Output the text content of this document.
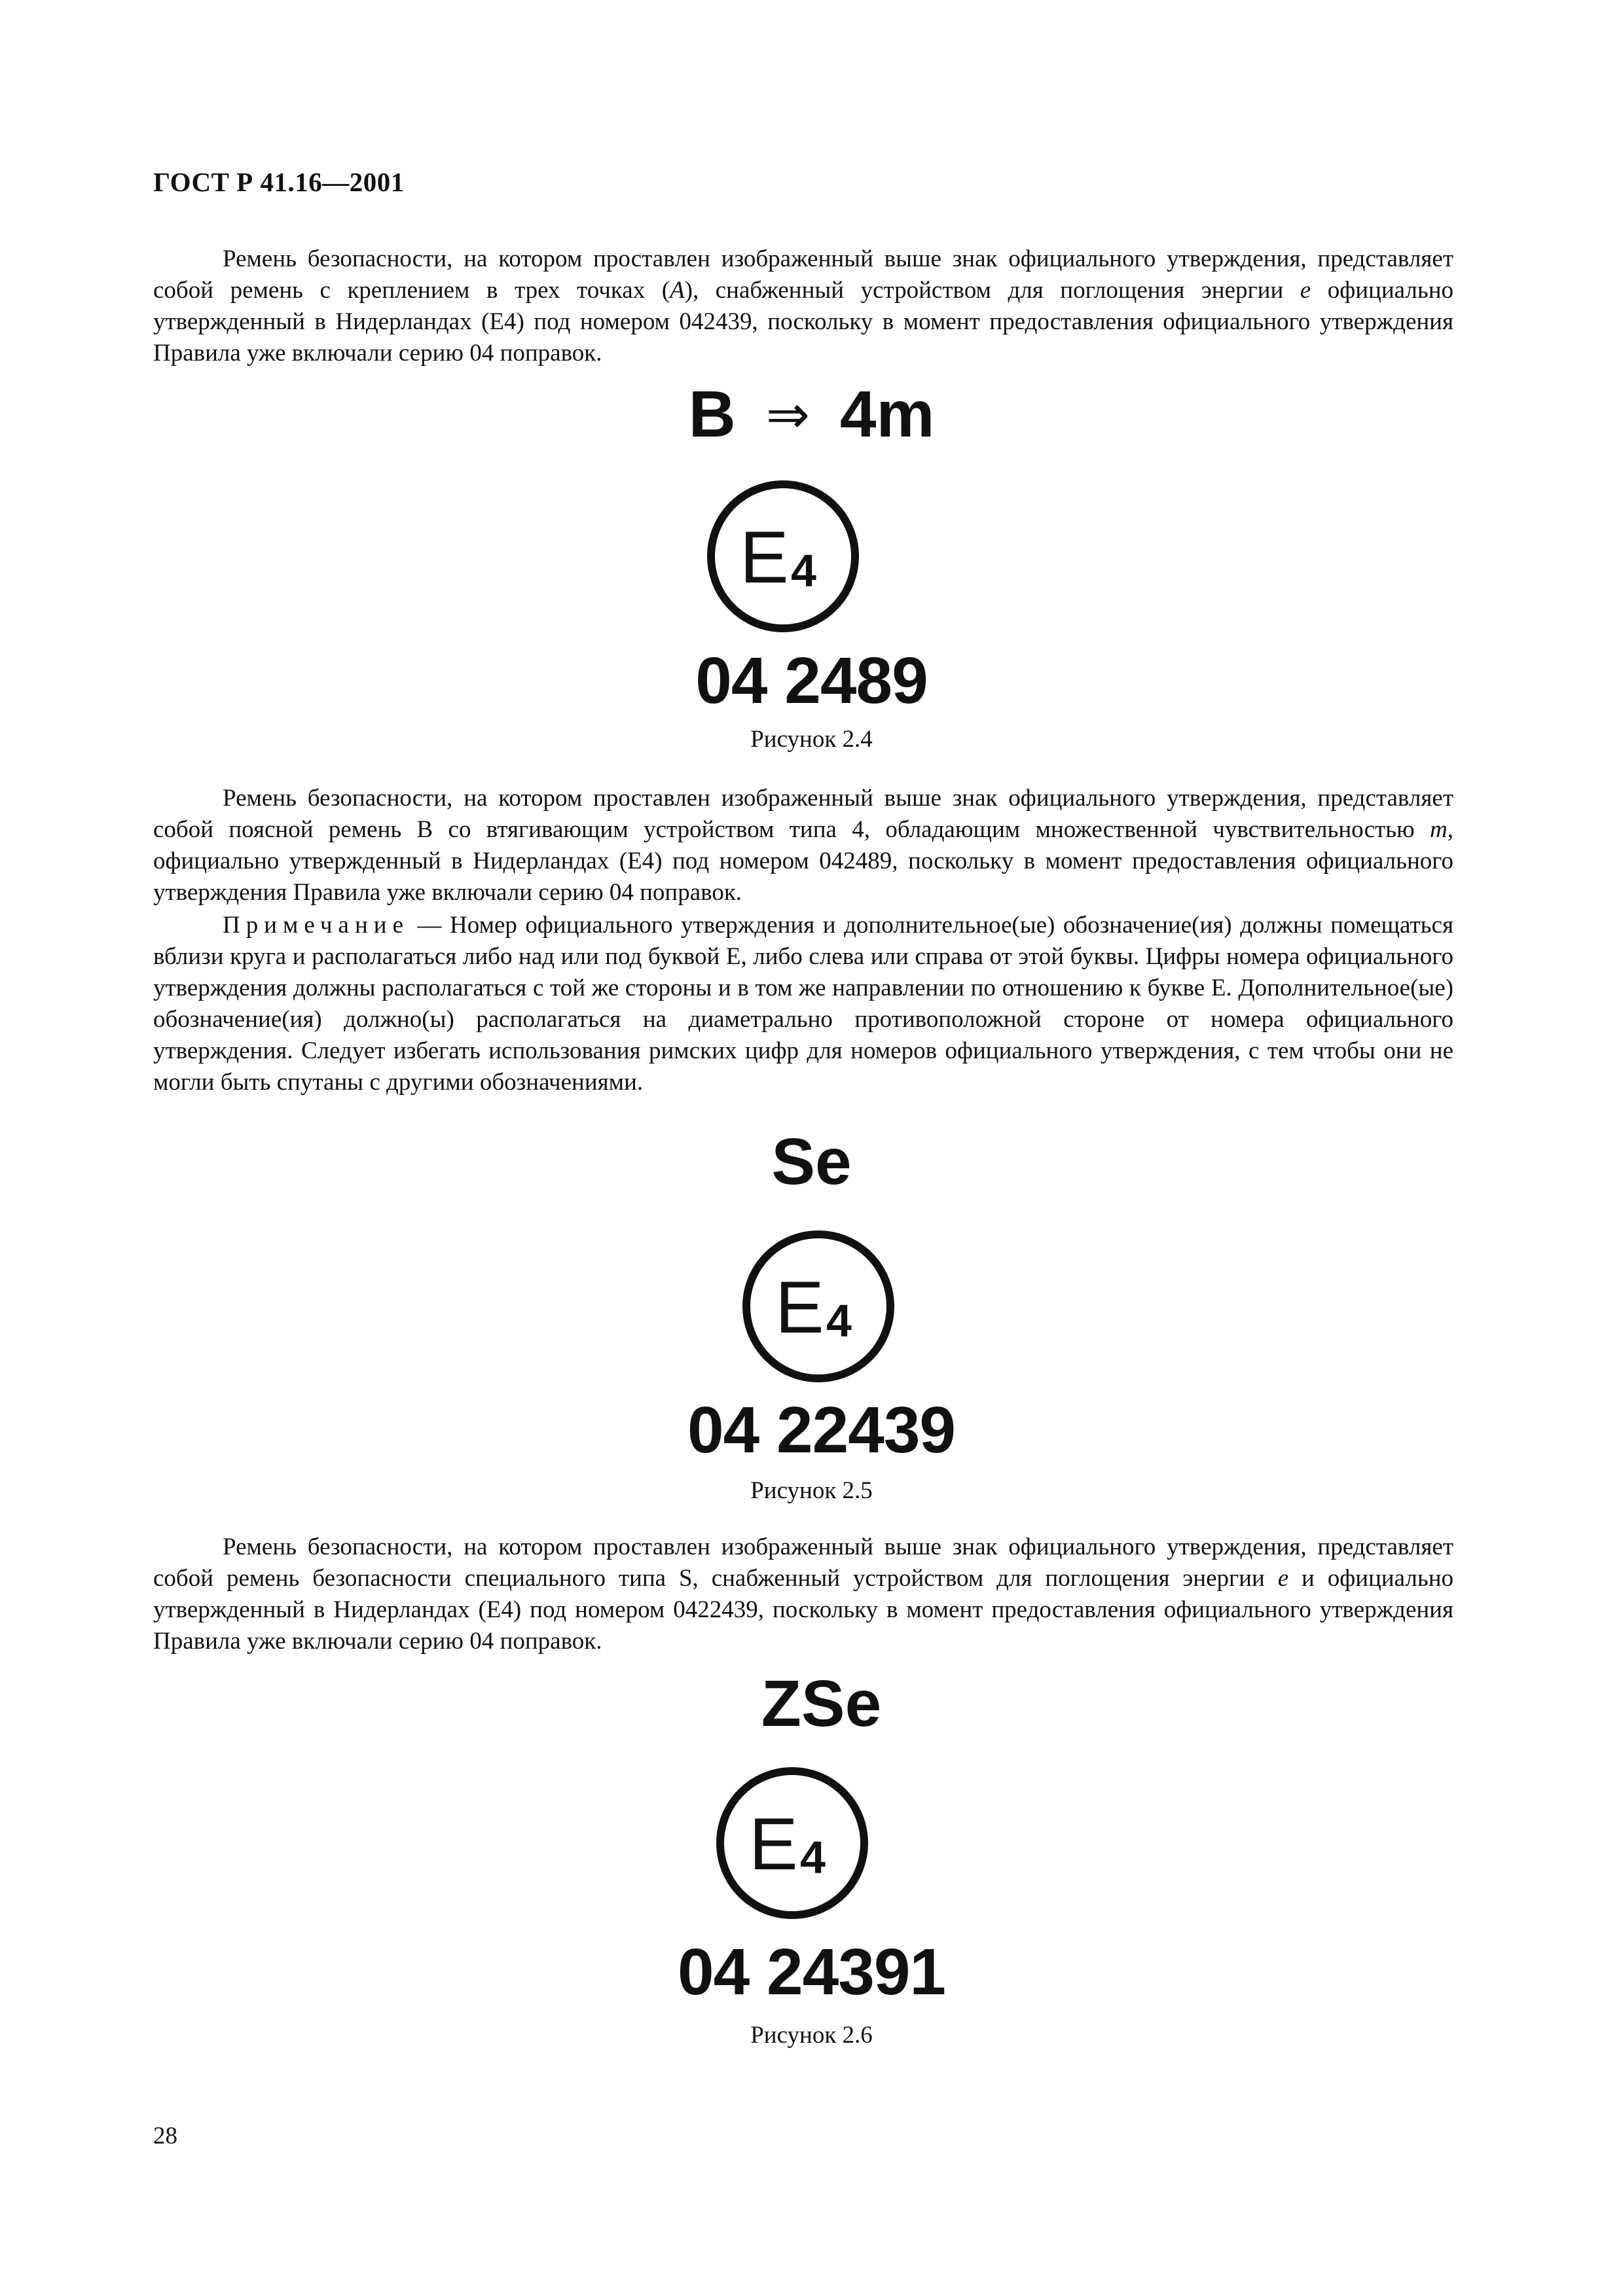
ГОСТ Р 41.16—2001

Ремень безопасности, на котором проставлен изображенный выше знак официального утверждения, представляет собой ремень с креплением в трех точках (A), снабженный устройством для поглощения энергии e официально утвержденный в Нидерландах (E4) под номером 042439, поскольку в момент предоставления официального утверждения Правила уже включали серию 04 поправок.

B ⇒ 4m
E 4
04 2489
Рисунок 2.4

Ремень безопасности, на котором проставлен изображенный выше знак официального утверждения, представляет собой поясной ремень B со втягивающим устройством типа 4, обладающим множественной чувствительностью m, официально утвержденный в Нидерландах (E4) под номером 042489, поскольку в момент предоставления официального утверждения Правила уже включали серию 04 поправок.

Примечание — Номер официального утверждения и дополнительное(ые) обозначение(ия) должны помещаться вблизи круга и располагаться либо над или под буквой E, либо слева или справа от этой буквы. Цифры номера официального утверждения должны располагаться с той же стороны и в том же направлении по отношению к букве E. Дополнительное(ые) обозначение(ия) должно(ы) располагаться на диаметрально противоположной стороне от номера официального утверждения. Следует избегать использования римских цифр для номеров официального утверждения, с тем чтобы они не могли быть спутаны с другими обозначениями.

Se
E 4
04 22439
Рисунок 2.5

Ремень безопасности, на котором проставлен изображенный выше знак официального утверждения, представляет собой ремень безопасности специального типа S, снабженный устройством для поглощения энергии e и официально утвержденный в Нидерландах (E4) под номером 0422439, поскольку в момент предоставления официального утверждения Правила уже включали серию 04 поправок.

ZSe
E 4
04 24391
Рисунок 2.6
28
